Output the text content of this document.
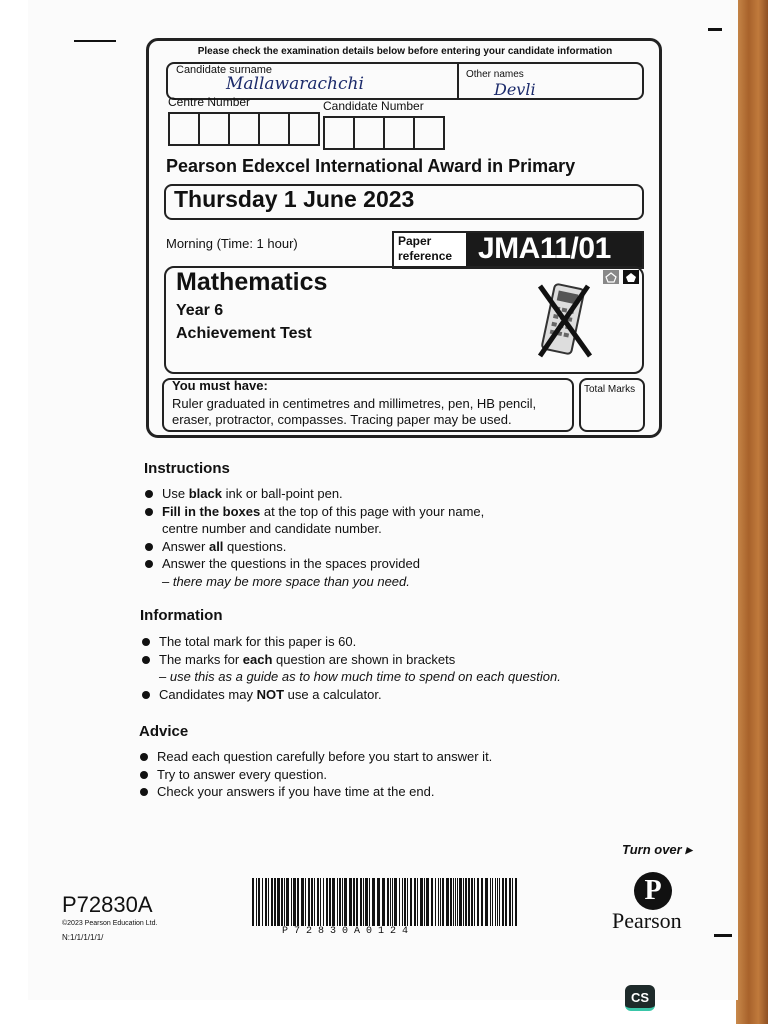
Please check the examination details below before entering your candidate information
Candidate surname
Mallawarachchi	Other names
Devli
Centre Number	Candidate Number
Pearson Edexcel International Award in Primary
Thursday 1 June 2023
Morning (Time: 1 hour)	Paper
reference JMA11/01
Mathematics
Year 6
Achievement Test
You must have:
Ruler graduated in centimetres and millimetres, pen, HB pencil, eraser, protractor, compasses. Tracing paper may be used.
Total Marks
Instructions
Use black ink or ball-point pen.
Fill in the boxes at the top of this page with your name,
centre number and candidate number.
Answer all questions.
Answer the questions in the spaces provided
– there may be more space than you need.
Information
The total mark for this paper is 60.
The marks for each question are shown in brackets
– use this as a guide as to how much time to spend on each question.
Candidates may NOT use a calculator.
Advice
Read each question carefully before you start to answer it.
Try to answer every question.
Check your answers if you have time at the end.
Turn over ▸
P72830A
©2023 Pearson Education Ltd.
N:1/1/1/1/1/
P72830A0124
P
Pearson
CS
